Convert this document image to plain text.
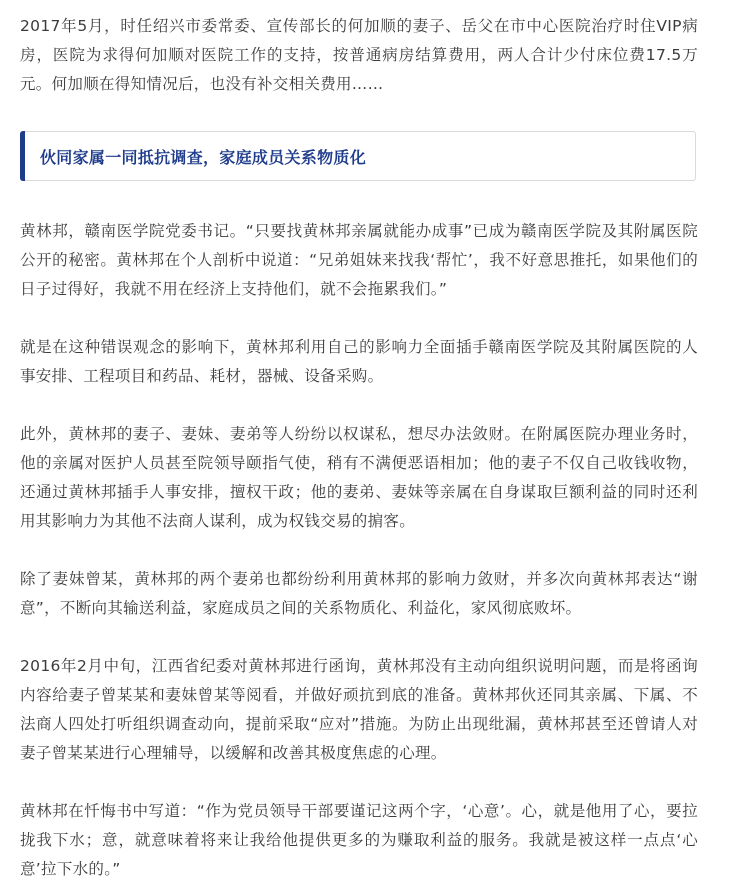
2017年5月，时任绍兴市委常委、宣传部长的何加顺的妻子、岳父在市中心医院治疗时住VIP病房，医院为求得何加顺对医院工作的支持，按普通病房结算费用，两人合计少付床位费17.5万元。何加顺在得知情况后，也没有补交相关费用……

伙同家属一同抵抗调查，家庭成员关系物质化

黄林邦，赣南医学院党委书记。“只要找黄林邦亲属就能办成事”已成为赣南医学院及其附属医院公开的秘密。黄林邦在个人剖析中说道：“兄弟姐妹来找我‘帮忙’，我不好意思推托，如果他们的日子过得好，我就不用在经济上支持他们，就不会拖累我们。”

就是在这种错误观念的影响下，黄林邦利用自己的影响力全面插手赣南医学院及其附属医院的人事安排、工程项目和药品、耗材，器械、设备采购。

此外，黄林邦的妻子、妻妹、妻弟等人纷纷以权谋私，想尽办法敛财。在附属医院办理业务时，他的亲属对医护人员甚至院领导颐指气使，稍有不满便恶语相加；他的妻子不仅自己收钱收物，还通过黄林邦插手人事安排，擅权干政；他的妻弟、妻妹等亲属在自身谋取巨额利益的同时还利用其影响力为其他不法商人谋利，成为权钱交易的掮客。

除了妻妹曾某，黄林邦的两个妻弟也都纷纷利用黄林邦的影响力敛财，并多次向黄林邦表达“谢意”，不断向其输送利益，家庭成员之间的关系物质化、利益化，家风彻底败坏。

2016年2月中旬，江西省纪委对黄林邦进行函询，黄林邦没有主动向组织说明问题，而是将函询内容给妻子曾某某和妻妹曾某等阅看，并做好顽抗到底的准备。黄林邦伙还同其亲属、下属、不法商人四处打听组织调查动向，提前采取“应对”措施。为防止出现纰漏，黄林邦甚至还曾请人对妻子曾某某进行心理辅导，以缓解和改善其极度焦虑的心理。

黄林邦在忏悔书中写道：“作为党员领导干部要谨记这两个字，‘心意’。心，就是他用了心，要拉拢我下水；意，就意味着将来让我给他提供更多的为赚取利益的服务。我就是被这样一点点‘心意’拉下水的。”
